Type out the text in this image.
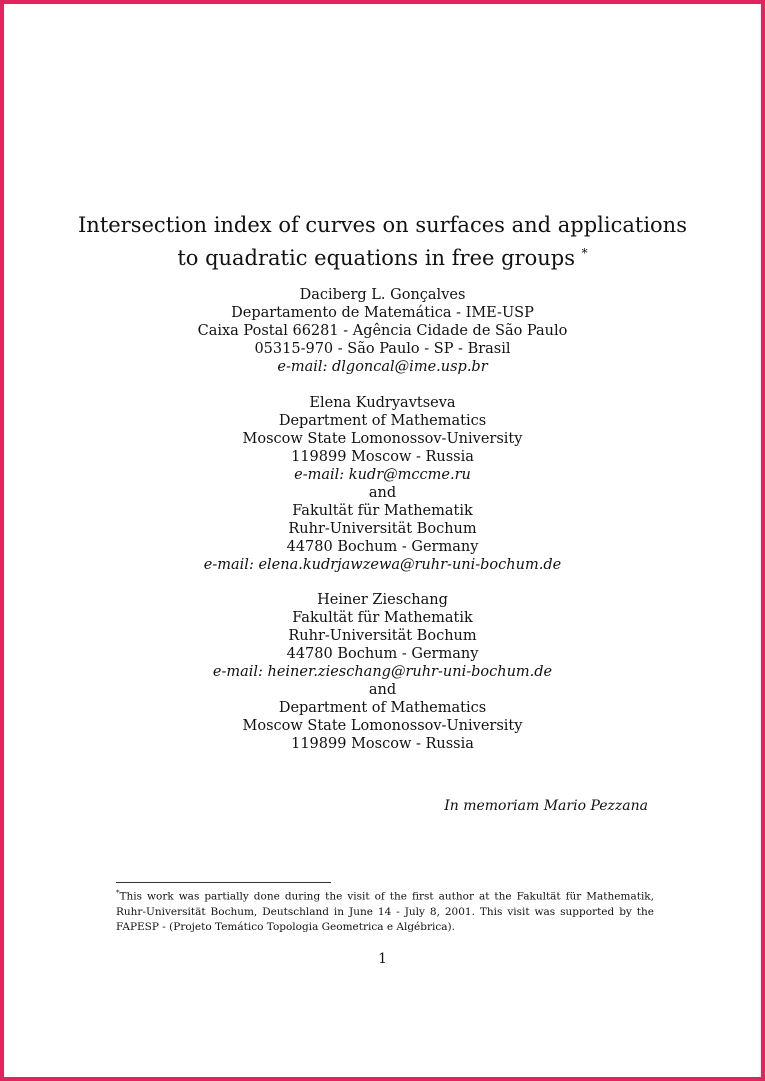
Intersection index of curves on surfaces and applications
to quadratic equations in free groups *
Daciberg L. Gonçalves
Departamento de Matemática - IME-USP
Caixa Postal 66281 - Agência Cidade de São Paulo
05315-970 - São Paulo - SP - Brasil
e-mail: dlgoncal@ime.usp.br
Elena Kudryavtseva
Department of Mathematics
Moscow State Lomonossov-University
119899 Moscow - Russia
e-mail: kudr@mccme.ru
and
Fakultät für Mathematik
Ruhr-Universität Bochum
44780 Bochum - Germany
e-mail: elena.kudrjawzewa@ruhr-uni-bochum.de
Heiner Zieschang
Fakultät für Mathematik
Ruhr-Universität Bochum
44780 Bochum - Germany
e-mail: heiner.zieschang@ruhr-uni-bochum.de
and
Department of Mathematics
Moscow State Lomonossov-University
119899 Moscow - Russia
In memoriam Mario Pezzana
*This work was partially done during the visit of the first author at the Fakultät für Mathematik, Ruhr-Universität Bochum, Deutschland in June 14 - July 8, 2001. This visit was supported by the FAPESP - (Projeto Temático Topologia Geometrica e Algébrica).
1
